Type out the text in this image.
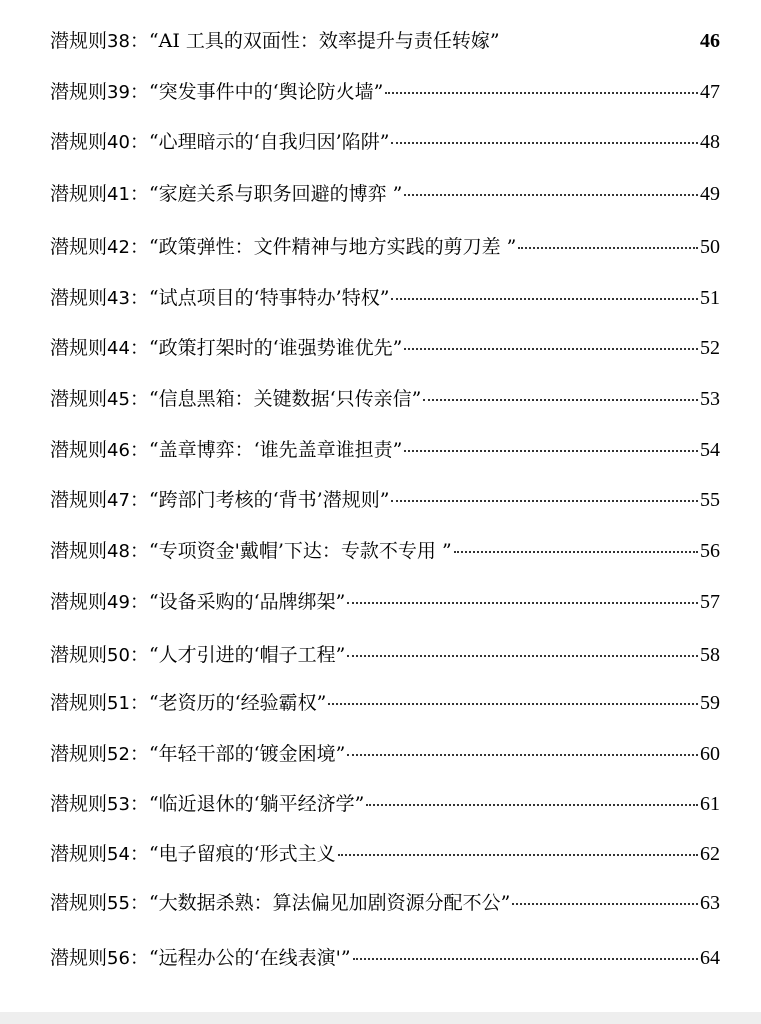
潜规则38：“AI 工具的双面性：效率提升与责任转嫁”	46
潜规则39：“突发事件中的‘舆论防火墙”	47
潜规则40：“心理暗示的‘自我归因’陷阱”	48
潜规则41：“家庭关系与职务回避的博弈 ”	49
潜规则42：“政策弹性：文件精神与地方实践的剪刀差 ”	50
潜规则43：“试点项目的‘特事特办’特权”	51
潜规则44：“政策打架时的‘谁强势谁优先”	52
潜规则45：“信息黑箱：关键数据‘只传亲信”	53
潜规则46：“盖章博弈：‘谁先盖章谁担责”	54
潜规则47：“跨部门考核的‘背书’潜规则”	55
潜规则48：“专项资金'戴帽’下达：专款不专用 ”	56
潜规则49：“设备采购的‘品牌绑架”	57
潜规则50：“人才引进的‘帽子工程”	58
潜规则51：“老资历的‘经验霸权”	59
潜规则52：“年轻干部的‘镀金困境”	60
潜规则53：“临近退休的‘躺平经济学”	61
潜规则54：“电子留痕的‘形式主义	62
潜规则55：“大数据杀熟：算法偏见加剧资源分配不公”	63
潜规则56：“远程办公的‘在线表演'”	64
